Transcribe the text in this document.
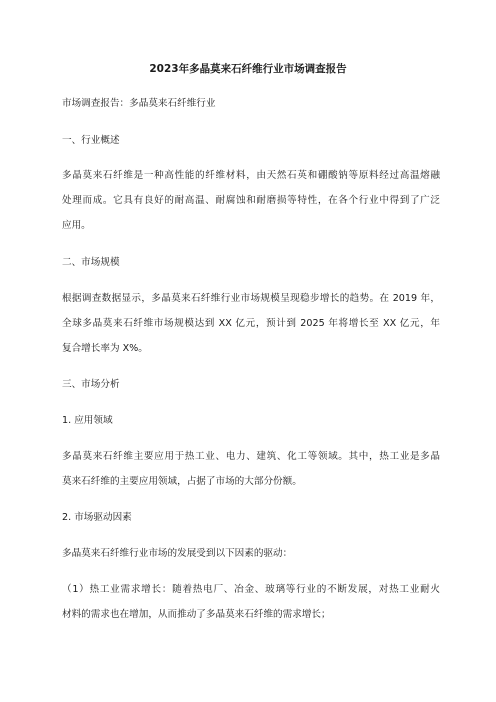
2023年多晶莫来石纤维行业市场调查报告
市场调查报告：多晶莫来石纤维行业
一、行业概述
多晶莫来石纤维是一种高性能的纤维材料，由天然石英和硼酸钠等原料经过高温熔融
处理而成。它具有良好的耐高温、耐腐蚀和耐磨损等特性，在各个行业中得到了广泛
应用。
二、市场规模
根据调查数据显示，多晶莫来石纤维行业市场规模呈现稳步增长的趋势。在 2019 年，
全球多晶莫来石纤维市场规模达到 XX 亿元，预计到 2025 年将增长至 XX 亿元，年
复合增长率为 X%。
三、市场分析
1. 应用领域
多晶莫来石纤维主要应用于热工业、电力、建筑、化工等领域。其中，热工业是多晶
莫来石纤维的主要应用领域，占据了市场的大部分份额。
2. 市场驱动因素
多晶莫来石纤维行业市场的发展受到以下因素的驱动：
（1）热工业需求增长：随着热电厂、冶金、玻璃等行业的不断发展，对热工业耐火
材料的需求也在增加，从而推动了多晶莫来石纤维的需求增长；
